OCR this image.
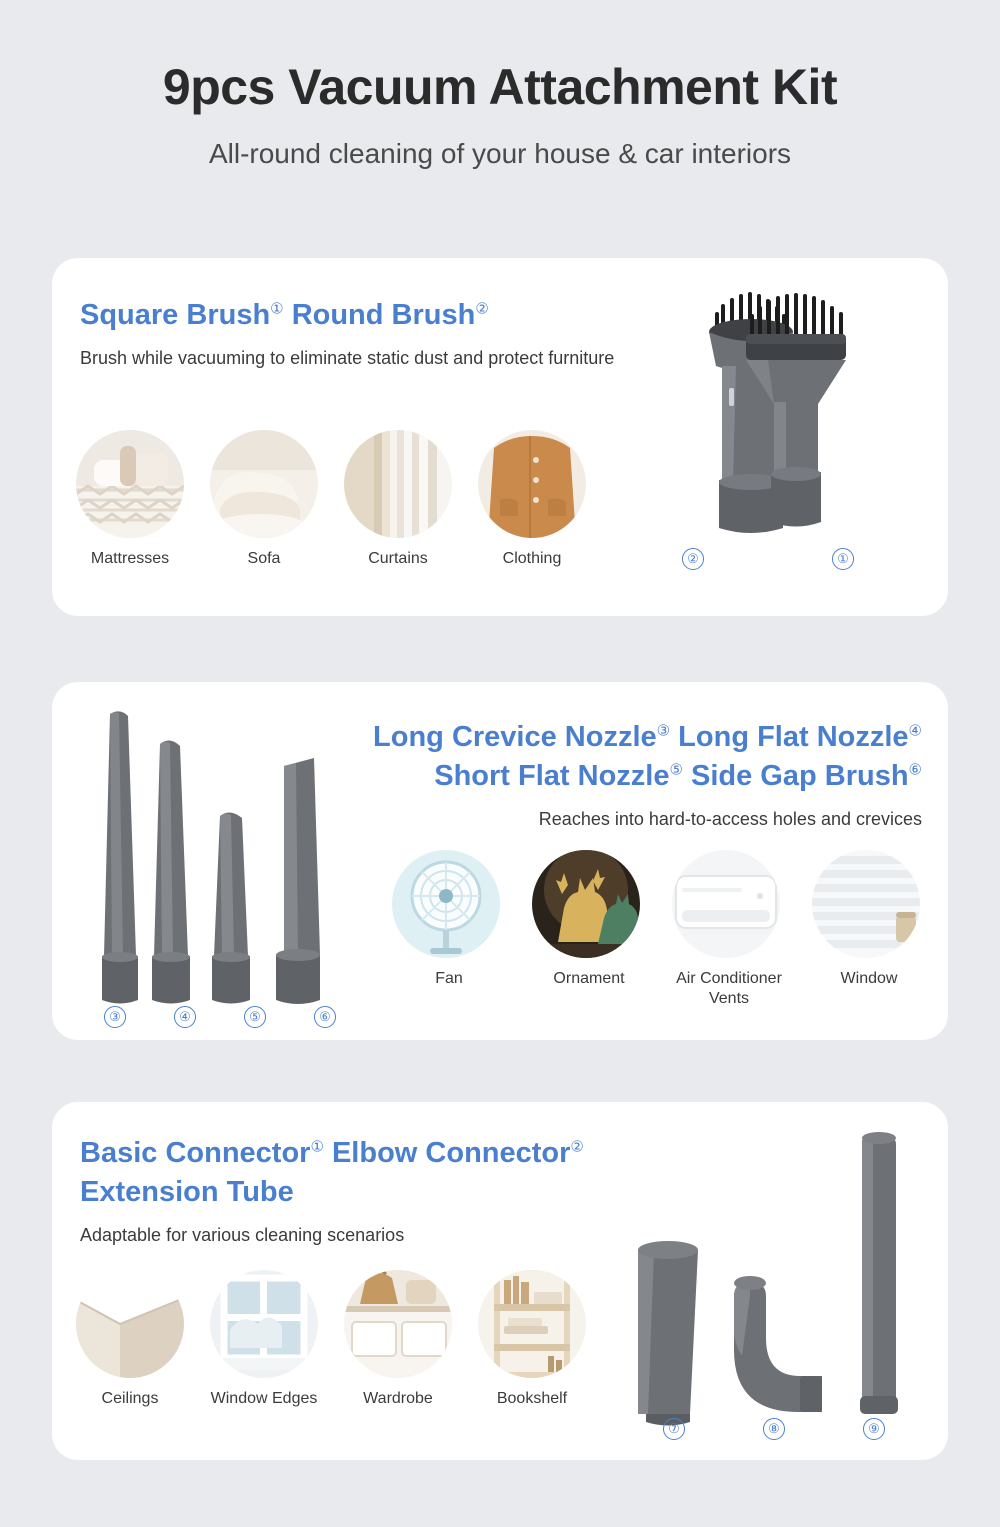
9pcs Vacuum Attachment Kit
All-round cleaning of your house & car interiors
Square Brush① Round Brush②
Brush while vacuuming to eliminate static dust and protect furniture
Mattresses	Sofa	Curtains	Clothing	②	①
Long Crevice Nozzle③ Long Flat Nozzle④
Short Flat Nozzle⑤ Side Gap Brush⑥
Reaches into hard-to-access holes and crevices
Fan	Ornament	Air Conditioner Vents
Window
③	④	⑤	⑥
Basic Connector① Elbow Connector②
Extension Tube
Adaptable for various cleaning scenarios
Ceilings	Window Edges	Wardrobe	Bookshelf
⑦	⑧	⑨
